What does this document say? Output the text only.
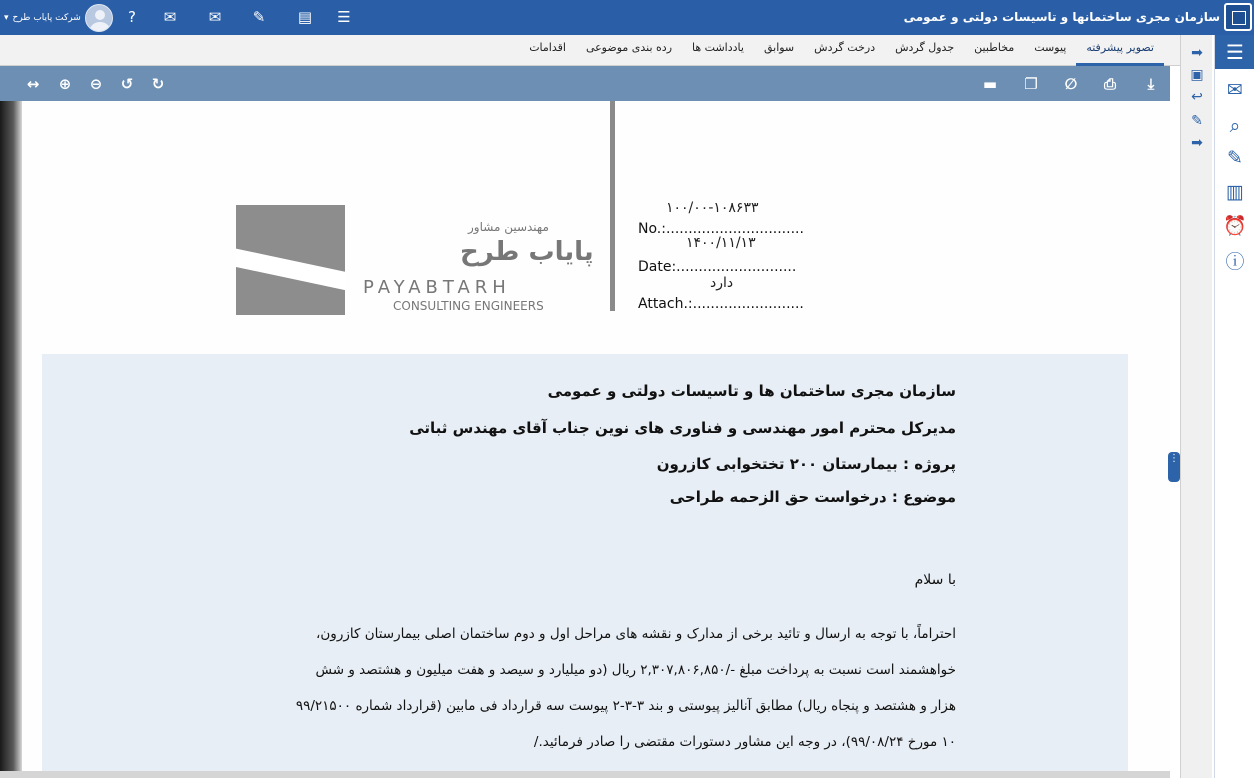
سازمان مجری ساختمانها و تاسیسات دولتی و عمومی
▾ شرکت پایاب طرح	?	✉ ✉ ✎ ▤ ☰
تصویر پیشرفته
پیوست
مخاطبین
جدول گردش
درخت گردش
سوابق
یادداشت ها
رده بندی موضوعی
اقدامات
↔	⊕	⊖	↺	↻	▬ ❐	∅	⎙	⤓
مهندسین مشاور
پایاب طرح
PAYABTARH
CONSULTING ENGINEERS
۱۰۰/۰۰-۱۰۸۶۳۳
No.:...............................
۱۴۰۰/۱۱/۱۳
Date:...........................
دارد
Attach.:.........................
سازمان مجری ساختمان ها و تاسیسات دولتی و عمومی
مدیرکل محترم امور مهندسی و فناوری های نوین جناب آقای مهندس ثباتی
پروژه : بیمارستان ۲۰۰ تختخوابی کازرون
موضوع : درخواست حق الزحمه طراحی
با سلام
احتراماً، با توجه به ارسال و تائید برخی از مدارک و نقشه های مراحل اول و دوم ساختمان اصلی بیمارستان کازرون،
خواهشمند است نسبت به پرداخت مبلغ -/۲,۳۰۷,۸۰۶,۸۵۰ ریال (دو میلیارد و سیصد و هفت میلیون و هشتصد و شش
هزار و هشتصد و پنجاه ریال) مطابق آنالیز پیوستی و بند ۳-۳-۲ پیوست سه قرارداد فی مابین (قرارداد شماره ۹۹/۲۱۵۰۰
۱۰ مورخ ۹۹/۰۸/۲۴)، در وجه این مشاور دستورات مقتضی را صادر فرمائید./
⋮
➡
▣
↩
✎
➡
☰
✉
⌕
✎
▥
⏰
ⓘ
